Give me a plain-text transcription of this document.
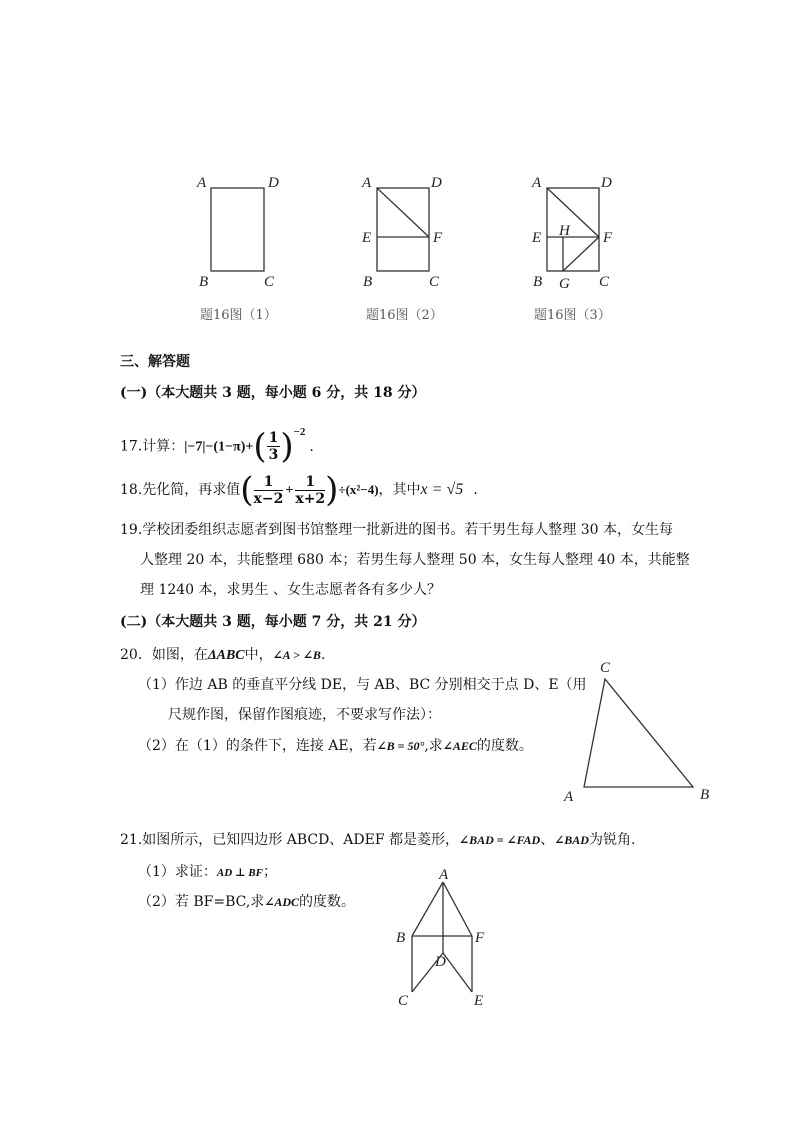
A	D
B	C
题16图（1）
A	D
E	F
B	C
题16图（2）
A	D
E H F
B G C
题16图（3）
三、解答题
(一)（本大题共 3 题，每小题 6 分，共 18 分）
17.计算：$|-7|-(1-\pi)+( \frac{1}{3} )^{-2}$.
18.先化简，再求值( $\frac{1}{x-2} + \frac{1}{x+2} )\div(x^2-4)$，其中x = √5 .
19.学校团委组织志愿者到图书馆整理一批新进的图书。若干男生每人整理 30 本，女生每
人整理 20 本，共能整理 680 本；若男生每人整理 50 本，女生每人整理 40 本，共能整
理 1240 本，求男生 、女生志愿者各有多少人？
(二)（本大题共 3 题，每小题 7 分，共 21 分）
20．如图，在ΔABC中，∠A > ∠B.
（1）作边 AB 的垂直平分线 DE，与 AB、BC 分别相交于点 D、E（用
尺规作图，保留作图痕迹，不要求写作法）：
（2）在（1）的条件下，连接 AE，若∠B = 50°,求∠AEC的度数。
A	B
C
21.如图所示，已知四边形 ABCD、ADEF 都是菱形，∠BAD = ∠FAD、∠BAD为锐角.
（1）求证：AD ⊥ BF；
（2）若 BF=BC,求∠ADC的度数。
A
B	F
D
C	E
